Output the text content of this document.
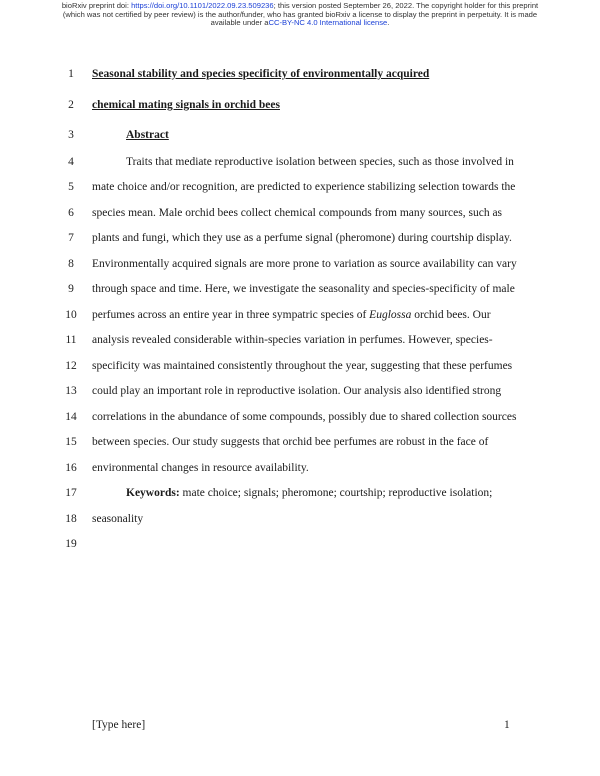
bioRxiv preprint doi: https://doi.org/10.1101/2022.09.23.509236; this version posted September 26, 2022. The copyright holder for this preprint
(which was not certified by peer review) is the author/funder, who has granted bioRxiv a license to display the preprint in perpetuity. It is made
available under aCC-BY-NC 4.0 International license.
1
2
3
4
5
6
7
8
9
10
11
12
13
14
15
16
17
18
19
Seasonal stability and species specificity of environmentally acquired
chemical mating signals in orchid bees
Abstract
Traits that mediate reproductive isolation between species, such as those involved in
mate choice and/or recognition, are predicted to experience stabilizing selection towards the
species mean. Male orchid bees collect chemical compounds from many sources, such as
plants and fungi, which they use as a perfume signal (pheromone) during courtship display.
Environmentally acquired signals are more prone to variation as source availability can vary
through space and time. Here, we investigate the seasonality and species-specificity of male
perfumes across an entire year in three sympatric species of Euglossa orchid bees. Our
analysis revealed considerable within-species variation in perfumes. However, species-
specificity was maintained consistently throughout the year, suggesting that these perfumes
could play an important role in reproductive isolation. Our analysis also identified strong
correlations in the abundance of some compounds, possibly due to shared collection sources
between species. Our study suggests that orchid bee perfumes are robust in the face of
environmental changes in resource availability.
Keywords: mate choice; signals; pheromone; courtship; reproductive isolation;
seasonality
[Type here]	1
